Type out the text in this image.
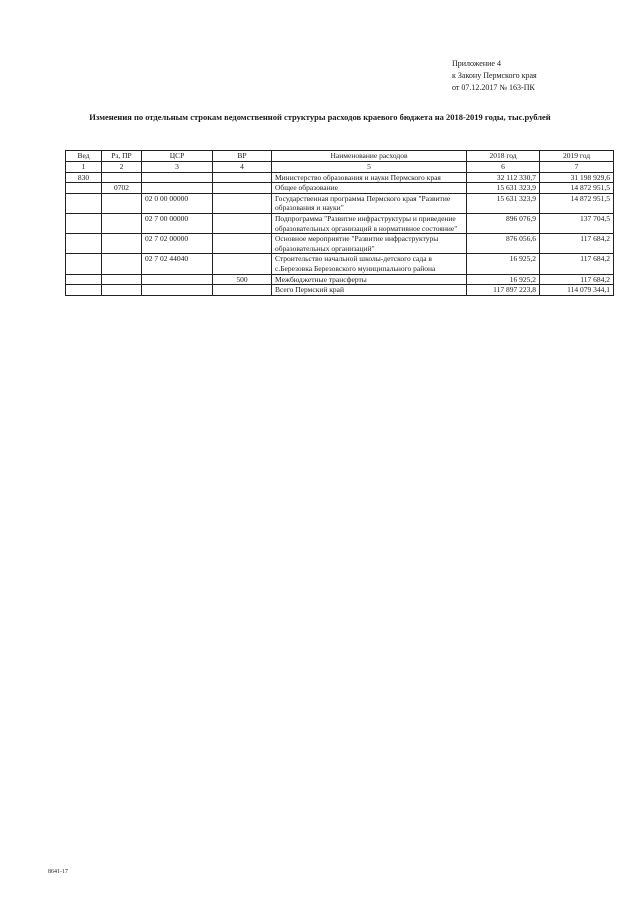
Приложение 4
к Закону Пермского края
от 07.12.2017 № 163-ПК
Изменения по отдельным строкам ведомственной структуры расходов краевого бюджета на 2018-2019 годы, тыс.рублей
Вед	Рз, ПР	ЦСР	ВР	Наименование расходов	2018 год	2019 год
1	2	3	4	5	6	7
830				Министерство образования и науки Пермского края	32 112 330,7	31 198 929,6
	0702			Общее образование	15 631 323,9	14 872 951,5
		02 0 00 00000		Государственная программа Пермского края "Развитие образования и науки"	15 631 323,9	14 872 951,5
		02 7 00 00000		Подпрограмма "Развитие инфраструктуры и приведение образовательных организаций в нормативное состояние"	896 076,9	137 704,5
		02 7 02 00000		Основное мероприятие "Развитие инфраструктуры образовательных организаций"	876 056,6	117 684,2
		02 7 02 44040		Строительство начальной школы-детского сада в с.Березовка Березовского муниципального района	16 925,2	117 684,2
			500	Межбюджетные трансферты	16 925,2	117 684,2
				Всего Пермский край	117 897 223,8	114 079 344,1
8641-17
